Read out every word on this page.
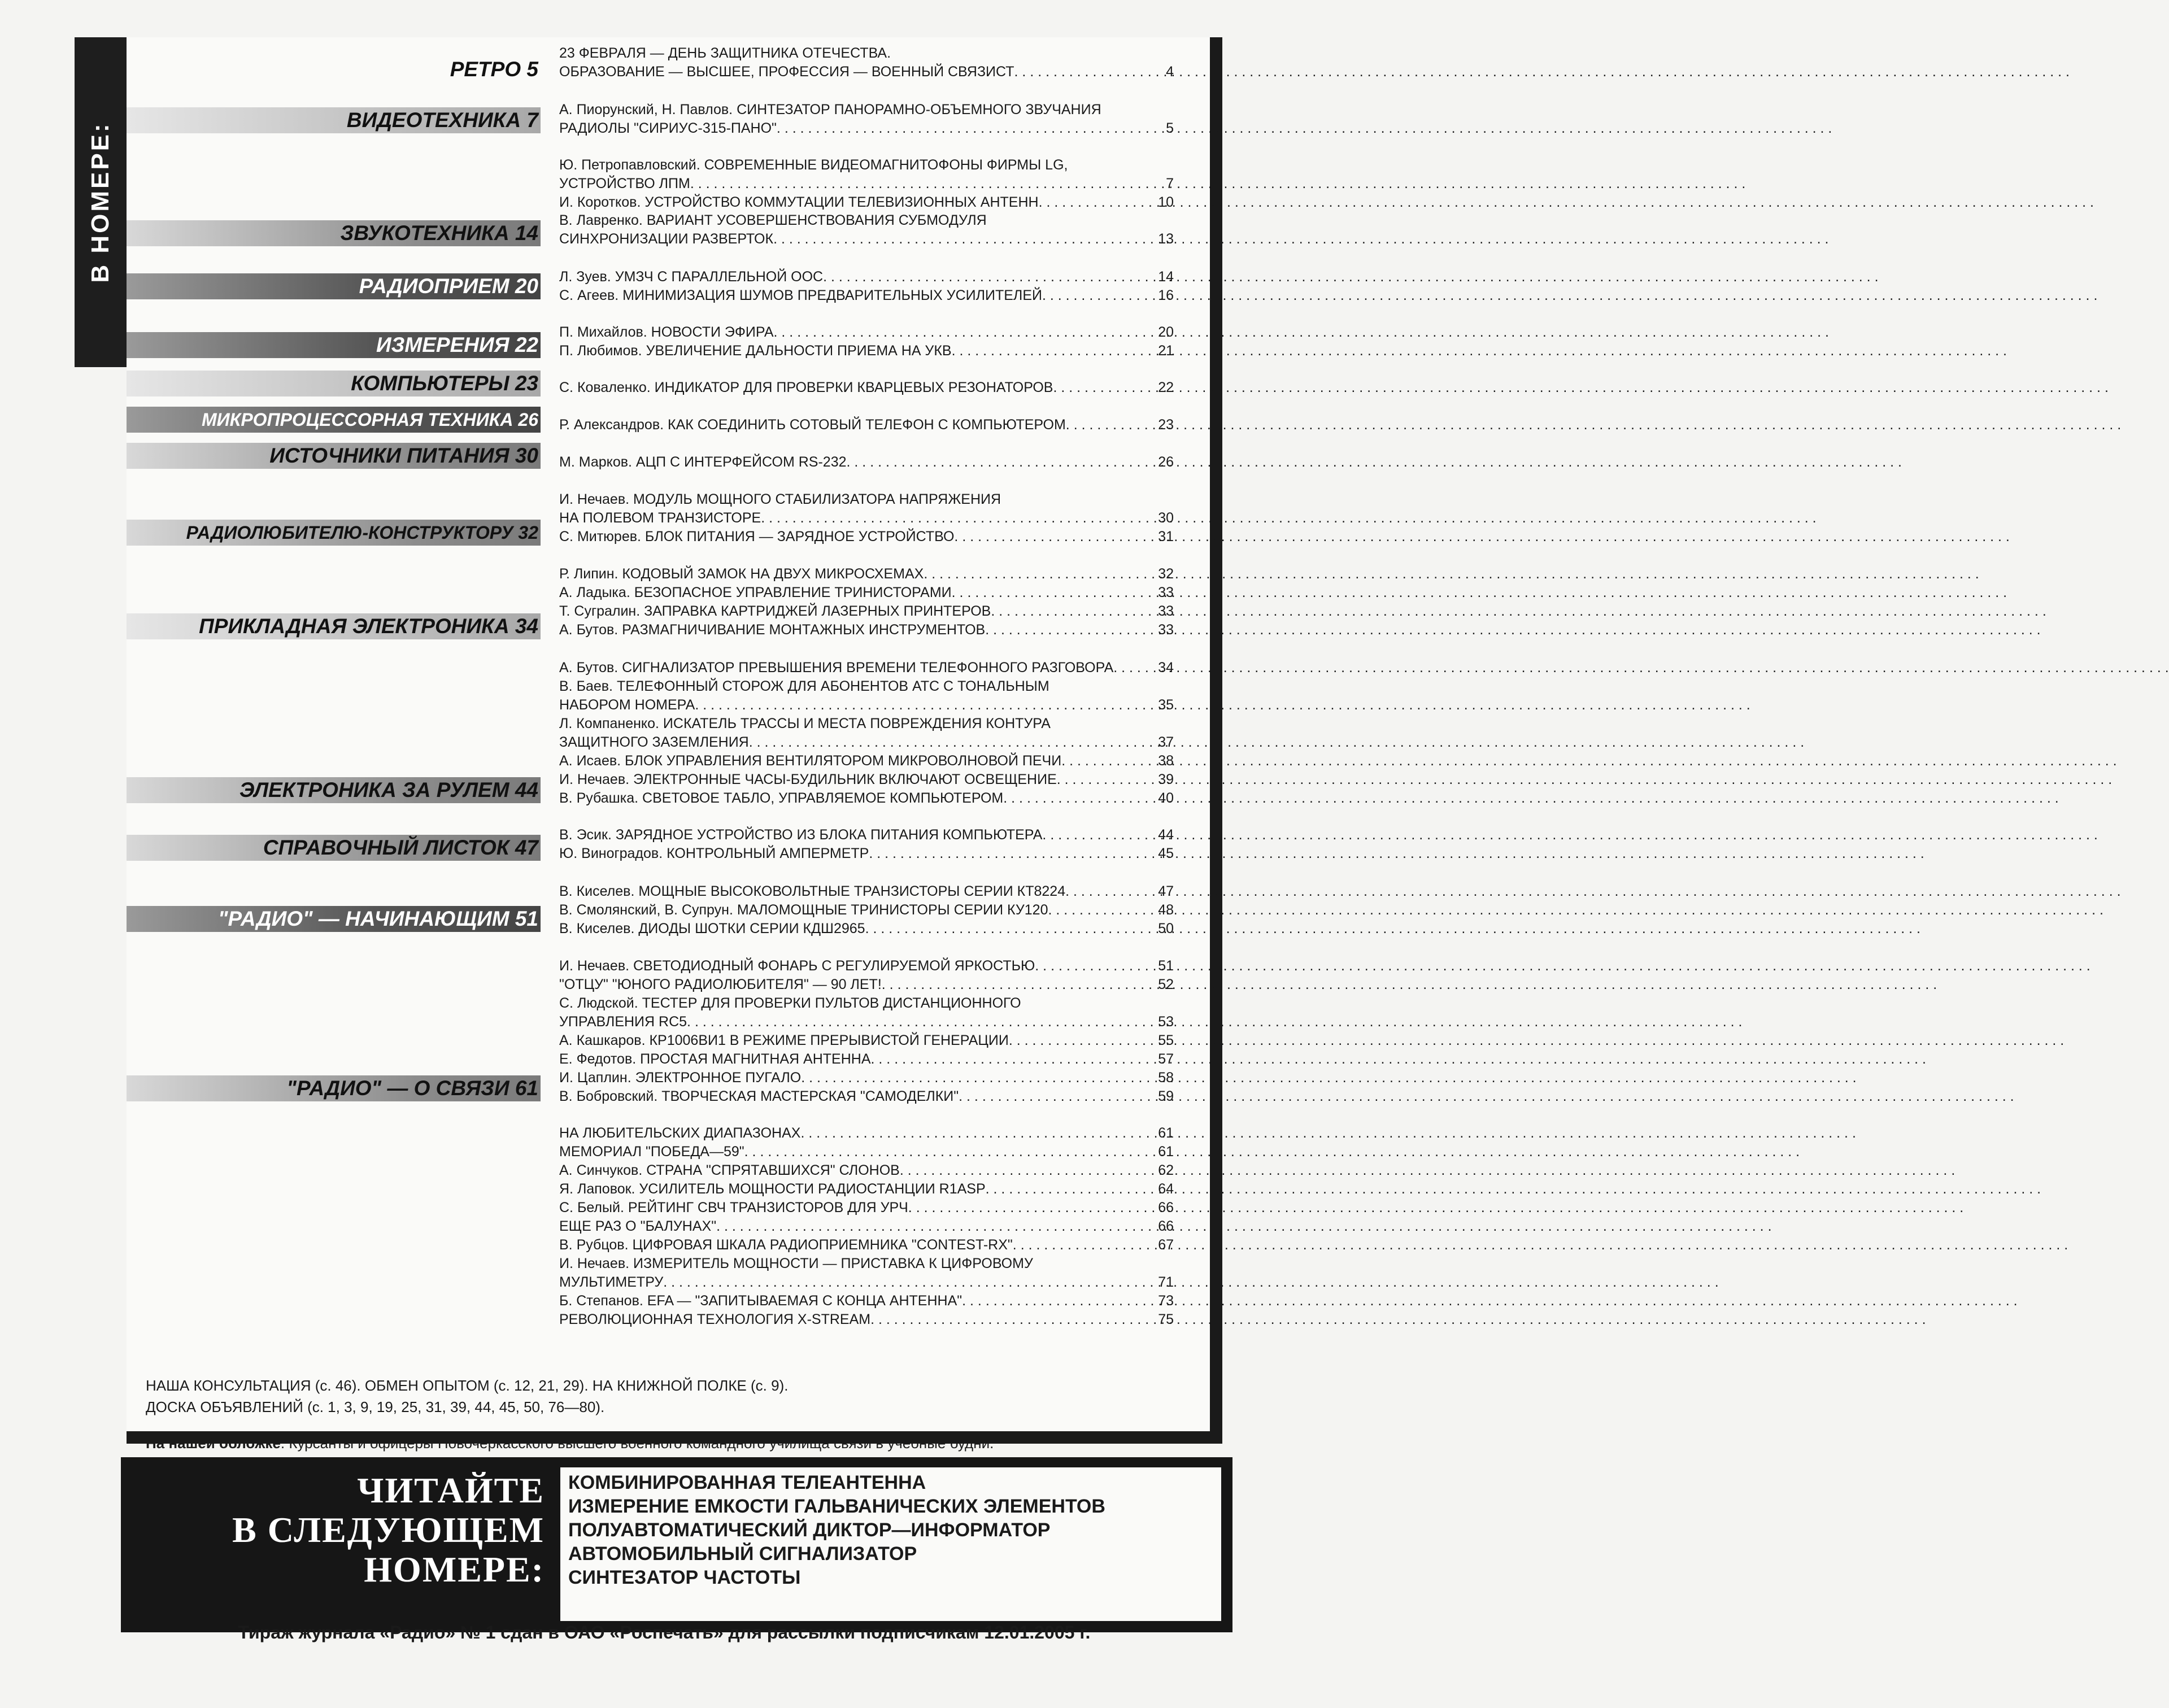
В НОМЕРЕ:
РЕТРО 5
ВИДЕОТЕХНИКА 7
ЗВУКОТЕХНИКА 14
РАДИОПРИЕМ 20
ИЗМЕРЕНИЯ 22
КОМПЬЮТЕРЫ 23
МИКРОПРОЦЕССОРНАЯ ТЕХНИКА 26
ИСТОЧНИКИ ПИТАНИЯ 30
РАДИОЛЮБИТЕЛЮ-КОНСТРУКТОРУ 32
ПРИКЛАДНАЯ ЭЛЕКТРОНИКА 34
ЭЛЕКТРОНИКА ЗА РУЛЕМ 44
СПРАВОЧНЫЙ ЛИСТОК 47
"РАДИО" — НАЧИНАЮЩИМ 51
"РАДИО" — О СВЯЗИ 61
23 ФЕВРАЛЯ — ДЕНЬ ЗАЩИТНИКА ОТЕЧЕСТВА.
ОБРАЗОВАНИЕ — ВЫСШЕЕ, ПРОФЕССИЯ — ВОЕННЫЙ СВЯЗИСТ . . .	4
А. Пиорунский, Н. Павлов. СИНТЕЗАТОР ПАНОРАМНО-ОБЪЕМНОГО ЗВУЧАНИЯ
РАДИОЛЫ "СИРИУС-315-ПАНО" . . .	5
Ю. Петропавловский. СОВРЕМЕННЫЕ ВИДЕОМАГНИТОФОНЫ ФИРМЫ LG,
УСТРОЙСТВО ЛПМ . . .	7
И. Коротков. УСТРОЙСТВО КОММУТАЦИИ ТЕЛЕВИЗИОННЫХ АНТЕНН . . .	10
В. Лавренко. ВАРИАНТ УСОВЕРШЕНСТВОВАНИЯ СУБМОДУЛЯ
СИНХРОНИЗАЦИИ РАЗВЕРТОК . . .	13
Л. Зуев. УМЗЧ С ПАРАЛЛЕЛЬНОЙ ООС . . .	14
С. Агеев. МИНИМИЗАЦИЯ ШУМОВ ПРЕДВАРИТЕЛЬНЫХ УСИЛИТЕЛЕЙ . . .	16
П. Михайлов. НОВОСТИ ЭФИРА . . .	20
П. Любимов. УВЕЛИЧЕНИЕ ДАЛЬНОСТИ ПРИЕМА НА УКВ . . .	21
С. Коваленко. ИНДИКАТОР ДЛЯ ПРОВЕРКИ КВАРЦЕВЫХ РЕЗОНАТОРОВ . . .	22
Р. Александров. КАК СОЕДИНИТЬ СОТОВЫЙ ТЕЛЕФОН С КОМПЬЮТЕРОМ . . .	23
М. Марков. АЦП С ИНТЕРФЕЙСОМ RS-232 . . .	26
И. Нечаев. МОДУЛЬ МОЩНОГО СТАБИЛИЗАТОРА НАПРЯЖЕНИЯ
НА ПОЛЕВОМ ТРАНЗИСТОРЕ . . .	30
С. Митюрев. БЛОК ПИТАНИЯ — ЗАРЯДНОЕ УСТРОЙСТВО . . .	31
Р. Липин. КОДОВЫЙ ЗАМОК НА ДВУХ МИКРОСХЕМАХ . . .	32
А. Ладыка. БЕЗОПАСНОЕ УПРАВЛЕНИЕ ТРИНИСТОРАМИ . . .	33
Т. Сугралин. ЗАПРАВКА КАРТРИДЖЕЙ ЛАЗЕРНЫХ ПРИНТЕРОВ . . .	33
А. Бутов. РАЗМАГНИЧИВАНИЕ МОНТАЖНЫХ ИНСТРУМЕНТОВ . . .	33
А. Бутов. СИГНАЛИЗАТОР ПРЕВЫШЕНИЯ ВРЕМЕНИ ТЕЛЕФОННОГО РАЗГОВОРА . . .	34
В. Баев. ТЕЛЕФОННЫЙ СТОРОЖ ДЛЯ АБОНЕНТОВ АТС С ТОНАЛЬНЫМ
НАБОРОМ НОМЕРА . . .	35
Л. Компаненко. ИСКАТЕЛЬ ТРАССЫ И МЕСТА ПОВРЕЖДЕНИЯ КОНТУРА
ЗАЩИТНОГО ЗАЗЕМЛЕНИЯ . . .	37
А. Исаев. БЛОК УПРАВЛЕНИЯ ВЕНТИЛЯТОРОМ МИКРОВОЛНОВОЙ ПЕЧИ . . .	38
И. Нечаев. ЭЛЕКТРОННЫЕ ЧАСЫ-БУДИЛЬНИК ВКЛЮЧАЮТ ОСВЕЩЕНИЕ . . .	39
В. Рубашка. СВЕТОВОЕ ТАБЛО, УПРАВЛЯЕМОЕ КОМПЬЮТЕРОМ . . .	40
В. Эсик. ЗАРЯДНОЕ УСТРОЙСТВО ИЗ БЛОКА ПИТАНИЯ КОМПЬЮТЕРА . . .	44
Ю. Виноградов. КОНТРОЛЬНЫЙ АМПЕРМЕТР . . .	45
В. Киселев. МОЩНЫЕ ВЫСОКОВОЛЬТНЫЕ ТРАНЗИСТОРЫ СЕРИИ КТ8224 . . .	47
В. Смолянский, В. Супрун. МАЛОМОЩНЫЕ ТРИНИСТОРЫ СЕРИИ КУ120 . . .	48
В. Киселев. ДИОДЫ ШОТКИ СЕРИИ КДШ2965 . . .	50
И. Нечаев. СВЕТОДИОДНЫЙ ФОНАРЬ С РЕГУЛИРУЕМОЙ ЯРКОСТЬЮ . . .	51
"ОТЦУ" "ЮНОГО РАДИОЛЮБИТЕЛЯ" — 90 ЛЕТ! . . .	52
С. Людской. ТЕСТЕР ДЛЯ ПРОВЕРКИ ПУЛЬТОВ ДИСТАНЦИОННОГО
УПРАВЛЕНИЯ RC5 . . .	53
А. Кашкаров. КР1006ВИ1 В РЕЖИМЕ ПРЕРЫВИСТОЙ ГЕНЕРАЦИИ . . .	55
Е. Федотов. ПРОСТАЯ МАГНИТНАЯ АНТЕННА . . .	57
И. Цаплин. ЭЛЕКТРОННОЕ ПУГАЛО . . .	58
В. Бобровский. ТВОРЧЕСКАЯ МАСТЕРСКАЯ "САМОДЕЛКИ" . . .	59
НА ЛЮБИТЕЛЬСКИХ ДИАПАЗОНАХ . . .	61
МЕМОРИАЛ "ПОБЕДА—59" . . .	61
А. Синчуков. СТРАНА "СПРЯТАВШИХСЯ" СЛОНОВ . . .	62
Я. Лаповок. УСИЛИТЕЛЬ МОЩНОСТИ РАДИОСТАНЦИИ R1ASP . . .	64
С. Белый. РЕЙТИНГ СВЧ ТРАНЗИСТОРОВ ДЛЯ УРЧ . . .	66
ЕЩЕ РАЗ О "БАЛУНАХ" . . .	66
В. Рубцов. ЦИФРОВАЯ ШКАЛА РАДИОПРИЕМНИКА "CONTEST-RX" . . .	67
И. Нечаев. ИЗМЕРИТЕЛЬ МОЩНОСТИ — ПРИСТАВКА К ЦИФРОВОМУ
МУЛЬТИМЕТРУ . . .	71
Б. Степанов. EFA — "ЗАПИТЫВАЕМАЯ С КОНЦА АНТЕННА" . . .	73
РЕВОЛЮЦИОННАЯ ТЕХНОЛОГИЯ X-STREAM . . .	75
НАША КОНСУЛЬТАЦИЯ (с. 46). ОБМЕН ОПЫТОМ (с. 12, 21, 29). НА КНИЖНОЙ ПОЛКЕ (с. 9).
ДОСКА ОБЪЯВЛЕНИЙ (с. 1, 3, 9, 19, 25, 31, 39, 44, 45, 50, 76—80).
На нашей обложке. Курсанты и офицеры Новочеркасского высшего военного командного училища связи в учебные будни.
ЧИТАЙТЕ
В СЛЕДУЮЩЕМ
НОМЕРЕ:
КОМБИНИРОВАННАЯ ТЕЛЕАНТЕННА
ИЗМЕРЕНИЕ ЕМКОСТИ ГАЛЬВАНИЧЕСКИХ ЭЛЕМЕНТОВ
ПОЛУАВТОМАТИЧЕСКИЙ ДИКТОР—ИНФОРМАТОР
АВТОМОБИЛЬНЫЙ СИГНАЛИЗАТОР
СИНТЕЗАТОР ЧАСТОТЫ
Тираж журнала «Радио» № 1 сдан в ОАО «Роспечать» для рассылки подписчикам 12.01.2005 г.
